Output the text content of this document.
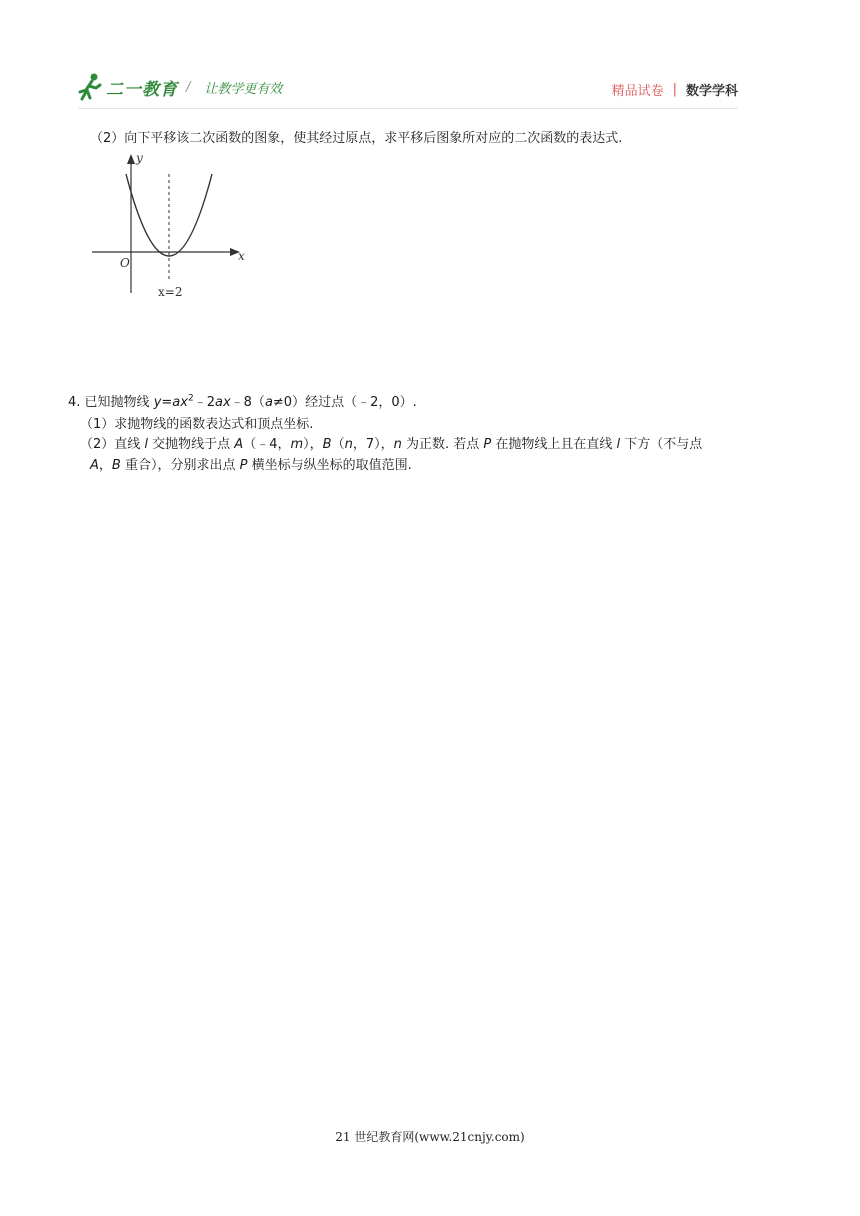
二一教育 / 让教学更有效	精品试卷 | 数学学科
（2）向下平移该二次函数的图象，使其经过原点，求平移后图象所对应的二次函数的表达式.
x
y
O
x=2
4. 已知抛物线 $y=ax^2﹣2ax﹣8(a\ne 0)$经过点（﹣2，0）.
（1）求抛物线的函数表达式和顶点坐标.
（2）直线 l 交抛物线于点 A（﹣4，m），B（n，7），n 为正数. 若点 P 在抛物线上且在直线 l 下方（不与点
A，B 重合），分别求出点 P 横坐标与纵坐标的取值范围.
21 世纪教育网(www.21cnjy.com)
